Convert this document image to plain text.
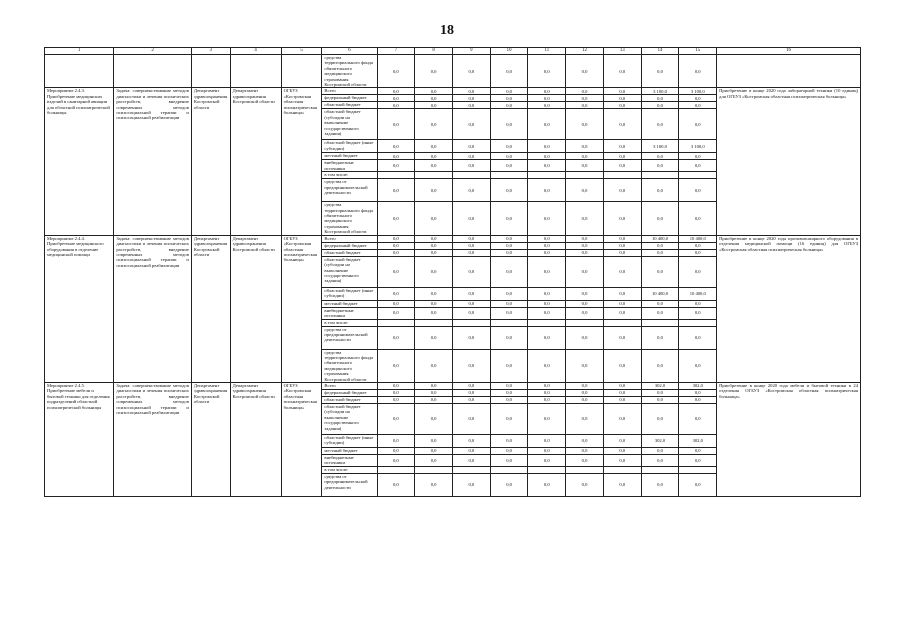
18
1	2	3	4	5	6	7	8	9	10	11	12	13	14	15	16
					средства территориального фонда обязательного медицинского страхования Костромской области	0,0	0,0	0,0	0,0	0,0	0,0	0,0	0,0	0,0	
Мероприятие 2.4.3. Приобретение медицинских изделий в санитарной авиации для областной психиатрической больницы	Задача: совершенствование методов диагностики и лечения психических расстройств, внедрение современных методов психосоциальной терапии и психосоциальной реабилитации	Департамент здравоохранения Костромской области	Департамент здравоохранения Костромской области	ОГБУЗ «Костромская областная психиатрическая больница»	Всего	0,0	0,0	0,0	0,0	0,0	0,0	0,0	3 100,0	3 100,0	Приобретение в конце 2020 года лабораторной техники (10 единиц) для ОГБУЗ «Костромская областная психиатрическая больница»
					федеральный бюджет	0,0	0,0	0,0	0,0	0,0	0,0	0,0	0,0	0,0	
					областной бюджет	0,0	0,0	0,0	0,0	0,0	0,0	0,0	0,0	0,0	
					областной бюджет (субсидии на выполнение государственного задания)	0,0	0,0	0,0	0,0	0,0	0,0	0,0	0,0	0,0	
					областной бюджет (иные субсидии)	0,0	0,0	0,0	0,0	0,0	0,0	0,0	3 100,0	3 100,0	
					местный бюджет	0,0	0,0	0,0	0,0	0,0	0,0	0,0	0,0	0,0	
					внебюджетные источники	0,0	0,0	0,0	0,0	0,0	0,0	0,0	0,0	0,0	
					в том числе:										
					средства от предпринимательской деятельности	0,0	0,0	0,0	0,0	0,0	0,0	0,0	0,0	0,0	
					средства территориального фонда обязательного медицинского страхования Костромской области	0,0	0,0	0,0	0,0	0,0	0,0	0,0	0,0	0,0	
Мероприятие 2.4.4. Приобретение медицинского оборудования в отделение медицинской помощи	Задача: совершенствование методов диагностики и лечения психических расстройств, внедрение современных методов психосоциальной терапии и психосоциальной реабилитации	Департамент здравоохранения Костромской области	Департамент здравоохранения Костромской области	ОГБУЗ «Костромская областная психиатрическая больница»	Всего	0,0	0,0	0,0	0,0	0,0	0,0	0,0	10 400,0	10 400,0	Приобретение в конце 2020 года противопожарного оборудования в отделения медицинской помощи (16 единиц) для ОГБУЗ «Костромская областная психиатрическая больница»
					федеральный бюджет	0,0	0,0	0,0	0,0	0,0	0,0	0,0	0,0	0,0	
					областной бюджет	0,0	0,0	0,0	0,0	0,0	0,0	0,0	0,0	0,0	
					областной бюджет (субсидии на выполнение государственного задания)	0,0	0,0	0,0	0,0	0,0	0,0	0,0	0,0	0,0	
					областной бюджет (иные субсидии)	0,0	0,0	0,0	0,0	0,0	0,0	0,0	10 400,0	10 400,0	
					местный бюджет	0,0	0,0	0,0	0,0	0,0	0,0	0,0	0,0	0,0	
					внебюджетные источники	0,0	0,0	0,0	0,0	0,0	0,0	0,0	0,0	0,0	
					в том числе:										
					средства от предпринимательской деятельности	0,0	0,0	0,0	0,0	0,0	0,0	0,0	0,0	0,0	
					средства территориального фонда обязательного медицинского страхования Костромской области	0,0	0,0	0,0	0,0	0,0	0,0	0,0	0,0	0,0	
Мероприятие 2.4.5. Приобретение мебели и бытовой техники для отделения подразделений областной психиатрической больницы	Задача: совершенствование методов диагностики и лечения психических расстройств, внедрение современных методов психосоциальной терапии и психосоциальной реабилитации	Департамент здравоохранения Костромской области	Департамент здравоохранения Костромской области	ОГБУЗ «Костромская областная психиатрическая больница»	Всего	0,0	0,0	0,0	0,0	0,0	0,0	0,0	302,0	302,0	Приобретение в конце 2020 года мебели и бытовой техники в 24 отделения ОГБУЗ «Костромская областная психиатрическая больница»
					федеральный бюджет	0,0	0,0	0,0	0,0	0,0	0,0	0,0	0,0	0,0	
					областной бюджет	0,0	0,0	0,0	0,0	0,0	0,0	0,0	0,0	0,0	
					областной бюджет (субсидии на выполнение государственного задания)	0,0	0,0	0,0	0,0	0,0	0,0	0,0	0,0	0,0	
					областной бюджет (иные субсидии)	0,0	0,0	0,0	0,0	0,0	0,0	0,0	302,0	302,0	
					местный бюджет	0,0	0,0	0,0	0,0	0,0	0,0	0,0	0,0	0,0	
					внебюджетные источники	0,0	0,0	0,0	0,0	0,0	0,0	0,0	0,0	0,0	
					в том числе:										
					средства от предпринимательской деятельности	0,0	0,0	0,0	0,0	0,0	0,0	0,0	0,0	0,0	
